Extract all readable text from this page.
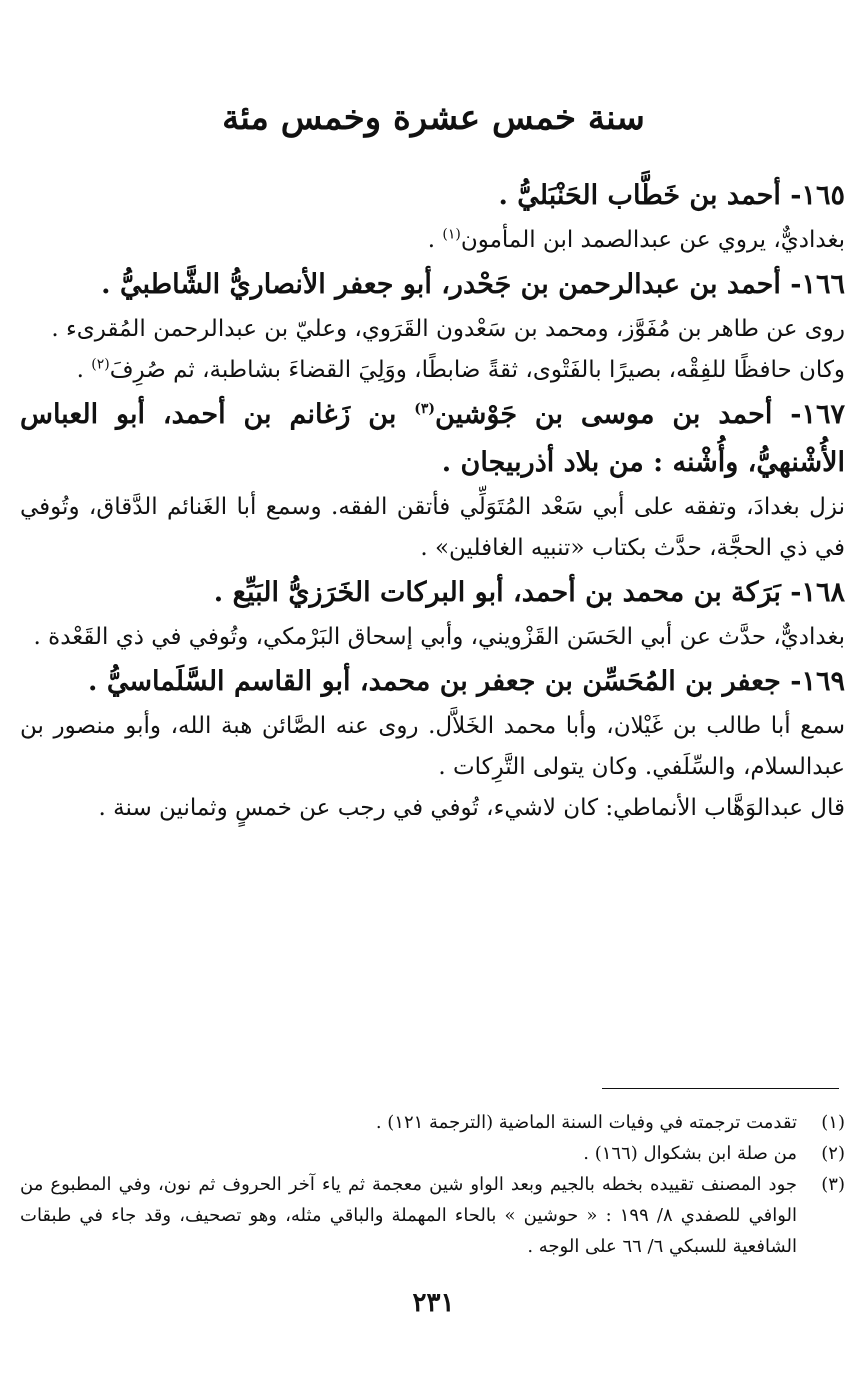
سنة خمس عشرة وخمس مئة

١٦٥- أحمد بن خَطَّاب الحَنْبَليُّ .

بغداديٌّ، يروي عن عبدالصمد ابن المأمون$^{(١)}$ .

١٦٦- أحمد بن عبدالرحمن بن جَحْدر، أبو جعفر الأنصاريُّ الشَّاطبيُّ .

روى عن طاهر بن مُفَوَّز، ومحمد بن سَعْدون القَرَوي، وعليّ بن عبدالرحمن المُقرىء .

وكان حافظًا للفِقْه، بصيرًا بالفَتْوى، ثقةً ضابطًا، ووَلِيَ القضاءَ بشاطبة، ثم صُرِفَ$^{(٢)}$ .

١٦٧- أحمد بن موسى بن جَوْشين$^{(٣)}$ بن زَغانم بن أحمد، أبو العباس الأُشْنهيُّ، وأُشْنه : من بلاد أذربيجان .

نزل بغدادَ، وتفقه على أبي سَعْد المُتَوَلِّي فأتقن الفقه. وسمع أبا الغَنائم الدَّقاق، وتُوفي في ذي الحجَّة، حدَّث بكتاب «تنبيه الغافلين» .

١٦٨- بَرَكة بن محمد بن أحمد، أبو البركات الخَرَزيُّ البَيِّع .

بغداديٌّ، حدَّث عن أبي الحَسَن القَزْويني، وأبي إسحاق البَرْمكي، وتُوفي في ذي القَعْدة .

١٦٩- جعفر بن المُحَسِّن بن جعفر بن محمد، أبو القاسم السَّلَماسيُّ .

سمع أبا طالب بن غَيْلان، وأبا محمد الخَلاَّل. روى عنه الصَّائن هبة الله، وأبو منصور بن عبدالسلام، والسِّلَفي. وكان يتولى التَّرِكات .

قال عبدالوَهَّاب الأنماطي: كان لاشيء، تُوفي في رجب عن خمسٍ وثمانين سنة .

(١)
تقدمت ترجمته في وفيات السنة الماضية (الترجمة ١٢١) .
(٢)
من صلة ابن بشكوال (١٦٦) .
(٣)
جود المصنف تقييده بخطه بالجيم وبعد الواو شين معجمة ثم ياء آخر الحروف ثم نون، وفي المطبوع من الوافي للصفدي ٨/ ١٩٩ : « حوشين » بالحاء المهملة والباقي مثله، وهو تصحيف، وقد جاء في طبقات الشافعية للسبكي ٦/ ٦٦ على الوجه .
٢٣١
